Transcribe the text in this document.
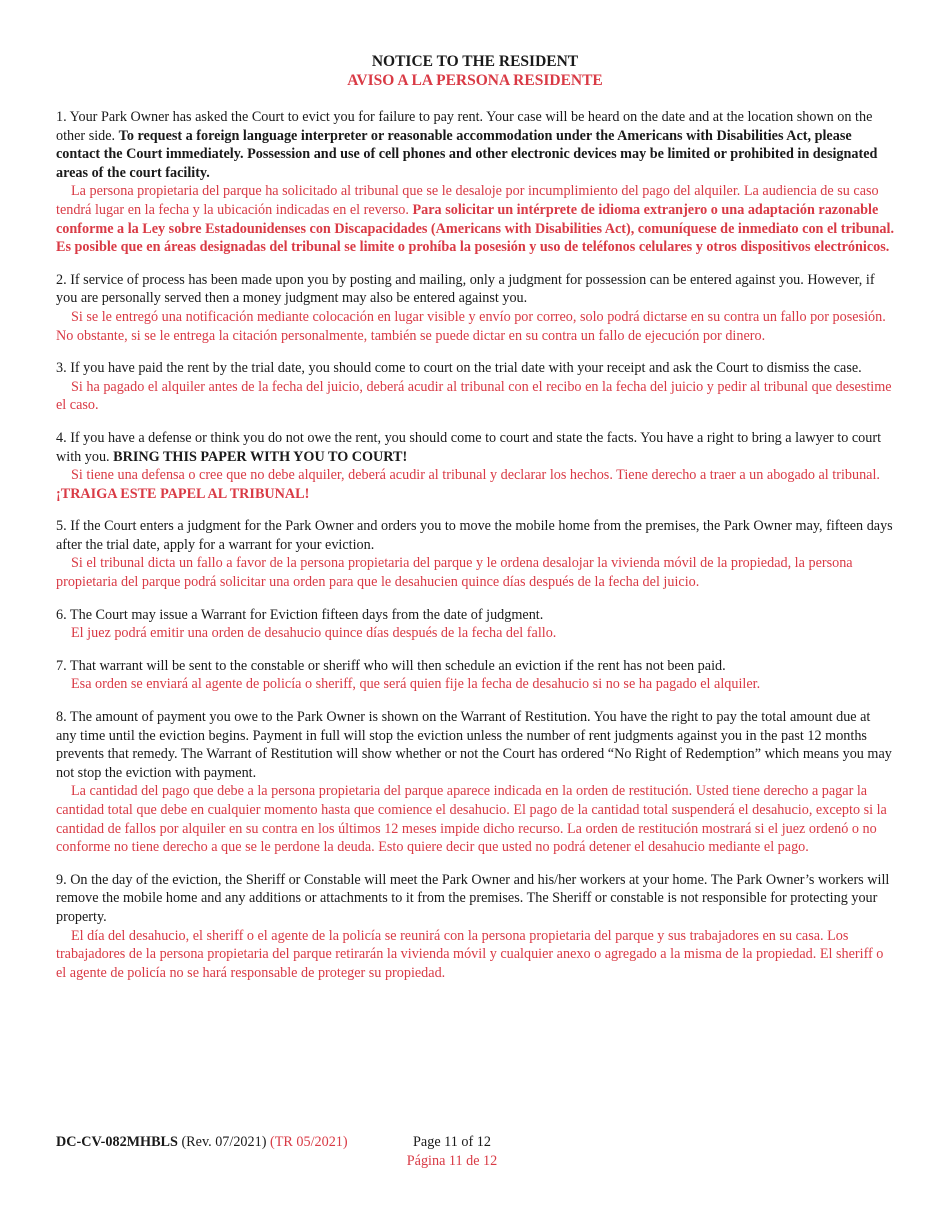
NOTICE TO THE RESIDENT
AVISO A LA PERSONA RESIDENTE

1. Your Park Owner has asked the Court to evict you for failure to pay rent. Your case will be heard on the date and at the location shown on the other side. To request a foreign language interpreter or reasonable accommodation under the Americans with Disabilities Act, please contact the Court immediately. Possession and use of cell phones and other electronic devices may be limited or prohibited in designated areas of the court facility.

La persona propietaria del parque ha solicitado al tribunal que se le desaloje por incumplimiento del pago del alquiler. La audiencia de su caso tendrá lugar en la fecha y la ubicación indicadas en el reverso. Para solicitar un intérprete de idioma extranjero o una adaptación razonable conforme a la Ley sobre Estadounidenses con Discapacidades (Americans with Disabilities Act), comuníquese de inmediato con el tribunal. Es posible que en áreas designadas del tribunal se limite o prohíba la posesión y uso de teléfonos celulares y otros dispositivos electrónicos.

2. If service of process has been made upon you by posting and mailing, only a judgment for possession can be entered against you. However, if you are personally served then a money judgment may also be entered against you.

Si se le entregó una notificación mediante colocación en lugar visible y envío por correo, solo podrá dictarse en su contra un fallo por posesión. No obstante, si se le entrega la citación personalmente, también se puede dictar en su contra un fallo de ejecución por dinero.

3. If you have paid the rent by the trial date, you should come to court on the trial date with your receipt and ask the Court to dismiss the case.

Si ha pagado el alquiler antes de la fecha del juicio, deberá acudir al tribunal con el recibo en la fecha del juicio y pedir al tribunal que desestime el caso.

4. If you have a defense or think you do not owe the rent, you should come to court and state the facts. You have a right to bring a lawyer to court with you. BRING THIS PAPER WITH YOU TO COURT!

Si tiene una defensa o cree que no debe alquiler, deberá acudir al tribunal y declarar los hechos. Tiene derecho a traer a un abogado al tribunal. ¡TRAIGA ESTE PAPEL AL TRIBUNAL!

5. If the Court enters a judgment for the Park Owner and orders you to move the mobile home from the premises, the Park Owner may, fifteen days after the trial date, apply for a warrant for your eviction.

Si el tribunal dicta un fallo a favor de la persona propietaria del parque y le ordena desalojar la vivienda móvil de la propiedad, la persona propietaria del parque podrá solicitar una orden para que le desahucien quince días después de la fecha del juicio.

6. The Court may issue a Warrant for Eviction fifteen days from the date of judgment.

El juez podrá emitir una orden de desahucio quince días después de la fecha del fallo.

7. That warrant will be sent to the constable or sheriff who will then schedule an eviction if the rent has not been paid.

Esa orden se enviará al agente de policía o sheriff, que será quien fije la fecha de desahucio si no se ha pagado el alquiler.

8. The amount of payment you owe to the Park Owner is shown on the Warrant of Restitution. You have the right to pay the total amount due at any time until the eviction begins. Payment in full will stop the eviction unless the number of rent judgments against you in the past 12 months prevents that remedy. The Warrant of Restitution will show whether or not the Court has ordered “No Right of Redemption” which means you may not stop the eviction with payment.

La cantidad del pago que debe a la persona propietaria del parque aparece indicada en la orden de restitución. Usted tiene derecho a pagar la cantidad total que debe en cualquier momento hasta que comience el desahucio. El pago de la cantidad total suspenderá el desahucio, excepto si la cantidad de fallos por alquiler en su contra en los últimos 12 meses impide dicho recurso. La orden de restitución mostrará si el juez ordenó o no conforme no tiene derecho a que se le perdone la deuda. Esto quiere decir que usted no podrá detener el desahucio mediante el pago.

9. On the day of the eviction, the Sheriff or Constable will meet the Park Owner and his/her workers at your home. The Park Owner’s workers will remove the mobile home and any additions or attachments to it from the premises. The Sheriff or constable is not responsible for protecting your property.

El día del desahucio, el sheriff o el agente de la policía se reunirá con la persona propietaria del parque y sus trabajadores en su casa. Los trabajadores de la persona propietaria del parque retirarán la vivienda móvil y cualquier anexo o agregado a la misma de la propiedad. El sheriff o el agente de policía no se hará responsable de proteger su propiedad.

DC-CV-082MHBLS (Rev. 07/2021) (TR 05/2021)	Page 11 of 12
Página 11 de 12
